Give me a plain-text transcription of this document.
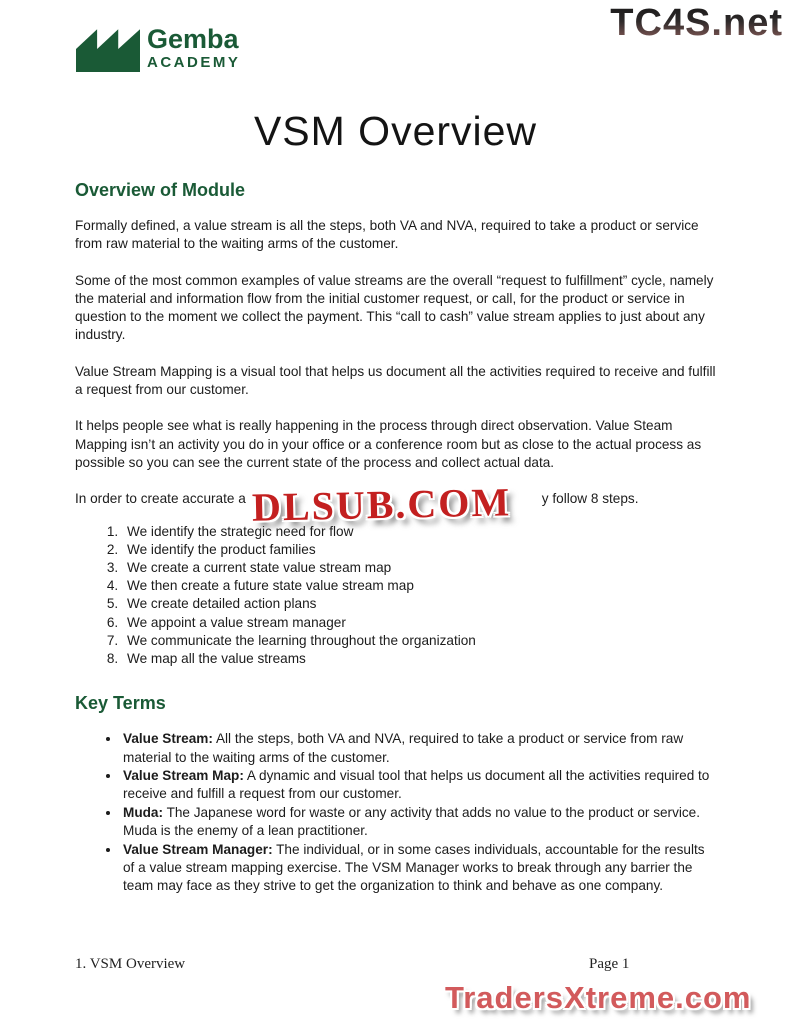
Gemba
ACADEMY
TC4S.net
DLSUB.COM
TradersXtreme.com
VSM Overview
Overview of Module

Formally defined, a value stream is all the steps, both VA and NVA, required to take a product or service from raw material to the waiting arms of the customer.

Some of the most common examples of value streams are the overall “request to fulfillment” cycle, namely the material and information flow from the initial customer request, or call, for the product or service in question to the moment we collect the payment. This “call to cash” value stream applies to just about any industry.

Value Stream Mapping is a visual tool that helps us document all the activities required to receive and fulfill a request from our customer.

It helps people see what is really happening in the process through direct observation. Value Steam Mapping isn’t an activity you do in your office or a conference room but as close to the actual process as possible so you can see the current state of the process and collect actual data.

In order to create accurate a	y follow 8 steps.

1. We identify the strategic need for flow
2. We identify the product families
3. We create a current state value stream map
4. We then create a future state value stream map
5. We create detailed action plans
6. We appoint a value stream manager
7. We communicate the learning throughout the organization
8. We map all the value streams
Key Terms
• Value Stream: All the steps, both VA and NVA, required to take a product or service from raw material to the waiting arms of the customer.
• Value Stream Map: A dynamic and visual tool that helps us document all the activities required to receive and fulfill a request from our customer.
• Muda: The Japanese word for waste or any activity that adds no value to the product or service. Muda is the enemy of a lean practitioner.
• Value Stream Manager: The individual, or in some cases individuals, accountable for the results of a value stream mapping exercise. The VSM Manager works to break through any barrier the team may face as they strive to get the organization to think and behave as one company.
1. VSM Overview	Page 1
